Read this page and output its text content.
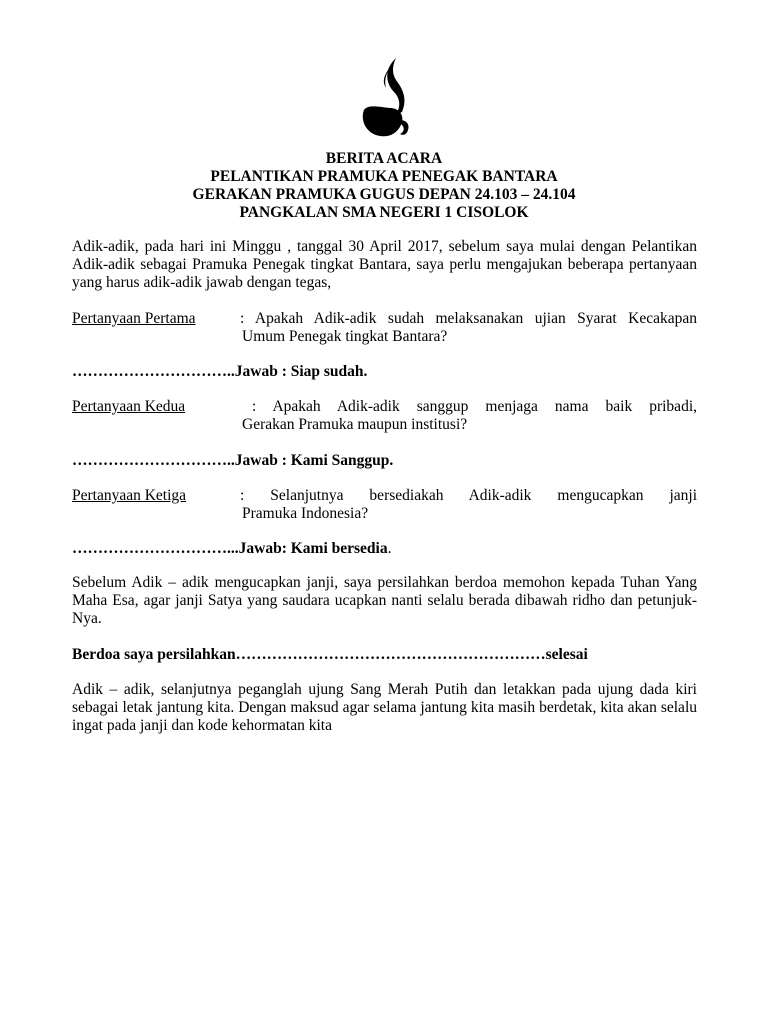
BERITA ACARA
PELANTIKAN PRAMUKA PENEGAK BANTARA
GERAKAN PRAMUKA GUGUS DEPAN 24.103 – 24.104
PANGKALAN SMA NEGERI 1 CISOLOK
Adik-adik, pada hari ini Minggu , tanggal 30 April 2017, sebelum saya mulai dengan Pelantikan Adik-adik sebagai Pramuka Penegak tingkat Bantara, saya perlu mengajukan beberapa pertanyaan yang harus adik-adik jawab dengan tegas,
Pertanyaan Pertama	: Apakah Adik-adik sudah melaksanakan ujian Syarat Kecakapan
Umum Penegak tingkat Bantara?
…………………………..Jawab : Siap sudah.
Pertanyaan Kedua	: Apakah Adik-adik sanggup menjaga nama baik pribadi,
Gerakan Pramuka maupun institusi?
…………………………..Jawab : Kami Sanggup.
Pertanyaan Ketiga	: Selanjutnya bersediakah Adik-adik mengucapkan janji
Pramuka Indonesia?
…………………………...Jawab: Kami bersedia.
Sebelum Adik – adik mengucapkan janji, saya persilahkan berdoa memohon kepada Tuhan Yang Maha Esa, agar janji Satya yang saudara ucapkan nanti selalu berada dibawah ridho dan petunjuk-Nya.
Berdoa saya persilahkan……………………………………………………selesai
Adik – adik, selanjutnya peganglah ujung Sang Merah Putih dan letakkan pada ujung dada kiri sebagai letak jantung kita. Dengan maksud agar selama jantung kita masih berdetak, kita akan selalu ingat pada janji dan kode kehormatan kita
